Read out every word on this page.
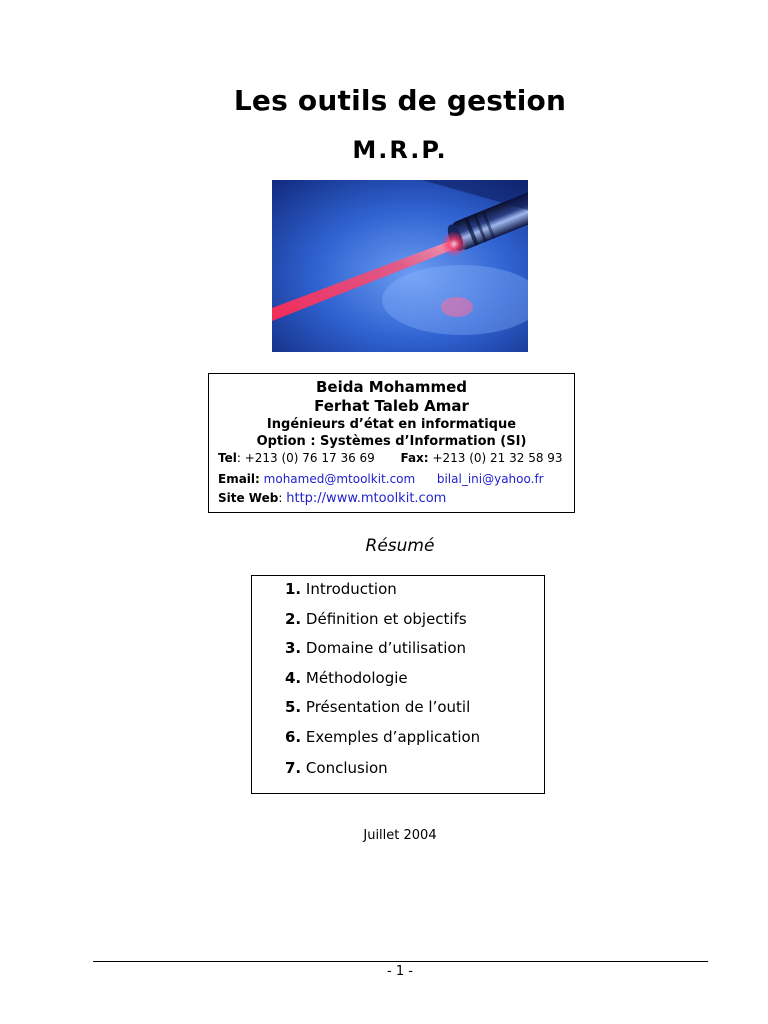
Les outils de gestion
M.R.P.
Beida Mohammed
Ferhat Taleb Amar
Ingénieurs d’état en informatique
Option : Systèmes d’Information (SI)
Tel: +213 (0) 76 17 36 69 Fax: +213 (0) 21 32 58 93
Email: mohamed@mtoolkit.com bilal_ini@yahoo.fr
Site Web: http://www.mtoolkit.com
Résumé
1. Introduction
2. Définition et objectifs
3. Domaine d’utilisation
4. Méthodologie
5. Présentation de l’outil
6. Exemples d’application
7. Conclusion
Juillet 2004
- 1 -
